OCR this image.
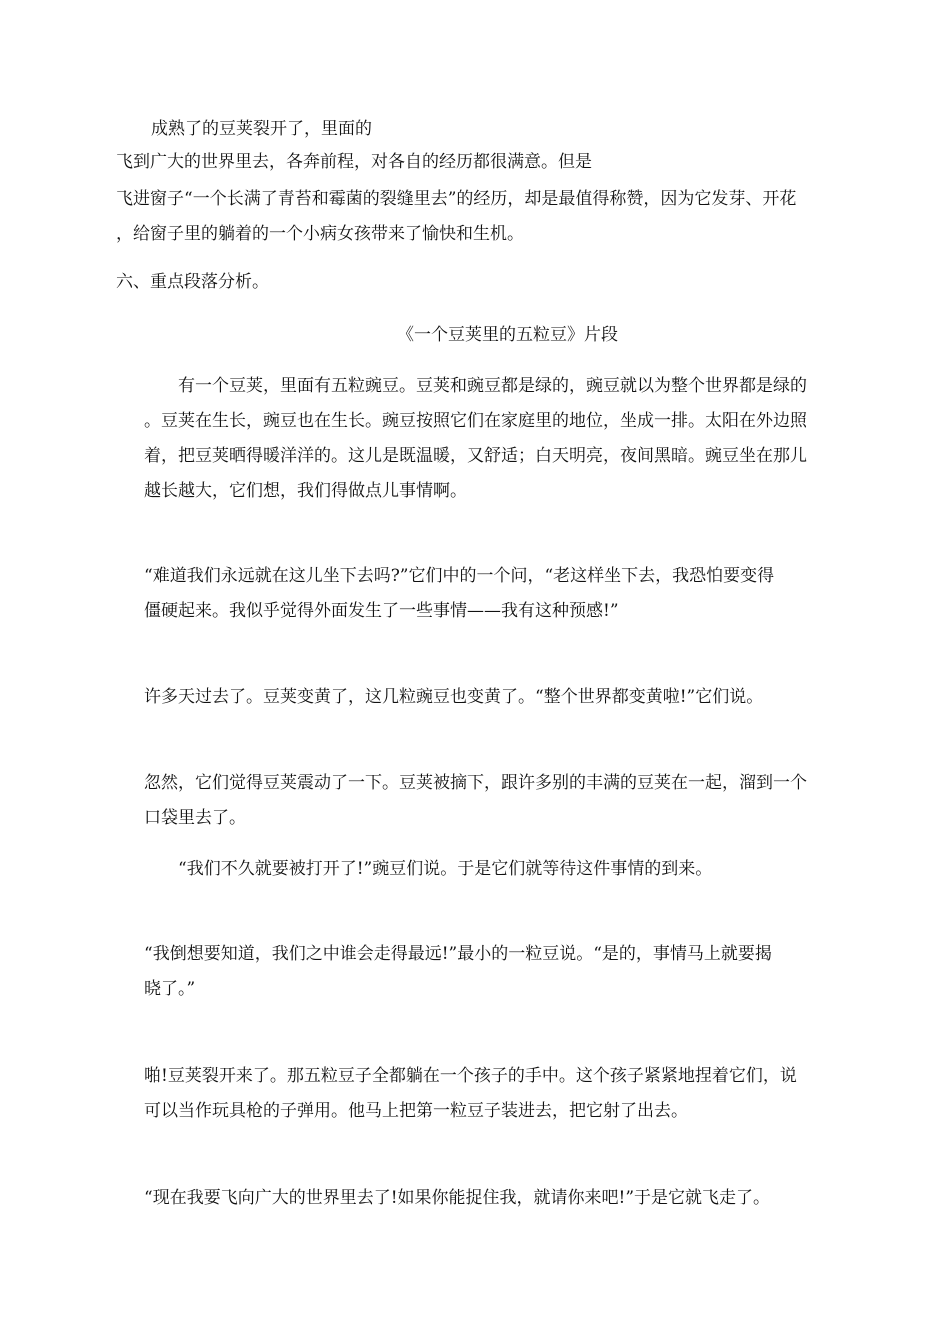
成熟了的豆荚裂开了，里面的
飞到广大的世界里去，各奔前程，对各自的经历都很满意。但是
飞进窗子“一个长满了青苔和霉菌的裂缝里去”的经历，却是最值得称赞，因为它发芽、开花
，给窗子里的躺着的一个小病女孩带来了愉快和生机。
六、重点段落分析。
《一个豆荚里的五粒豆》片段
有一个豆荚，里面有五粒豌豆。豆荚和豌豆都是绿的，豌豆就以为整个世界都是绿的
。豆荚在生长，豌豆也在生长。豌豆按照它们在家庭里的地位，坐成一排。太阳在外边照
着，把豆荚晒得暖洋洋的。这儿是既温暖，又舒适；白天明亮，夜间黑暗。豌豆坐在那儿
越长越大，它们想，我们得做点儿事情啊。
“难道我们永远就在这儿坐下去吗?”它们中的一个问，“老这样坐下去，我恐怕要变得
僵硬起来。我似乎觉得外面发生了一些事情——我有这种预感!”
许多天过去了。豆荚变黄了，这几粒豌豆也变黄了。“整个世界都变黄啦!”它们说。
忽然，它们觉得豆荚震动了一下。豆荚被摘下，跟许多别的丰满的豆荚在一起，溜到一个
口袋里去了。
“我们不久就要被打开了!”豌豆们说。于是它们就等待这件事情的到来。
“我倒想要知道，我们之中谁会走得最远!”最小的一粒豆说。“是的，事情马上就要揭
晓了。”
啪!豆荚裂开来了。那五粒豆子全都躺在一个孩子的手中。这个孩子紧紧地捏着它们，说
可以当作玩具枪的子弹用。他马上把第一粒豆子装进去，把它射了出去。
“现在我要飞向广大的世界里去了!如果你能捉住我，就请你来吧!”于是它就飞走了。
